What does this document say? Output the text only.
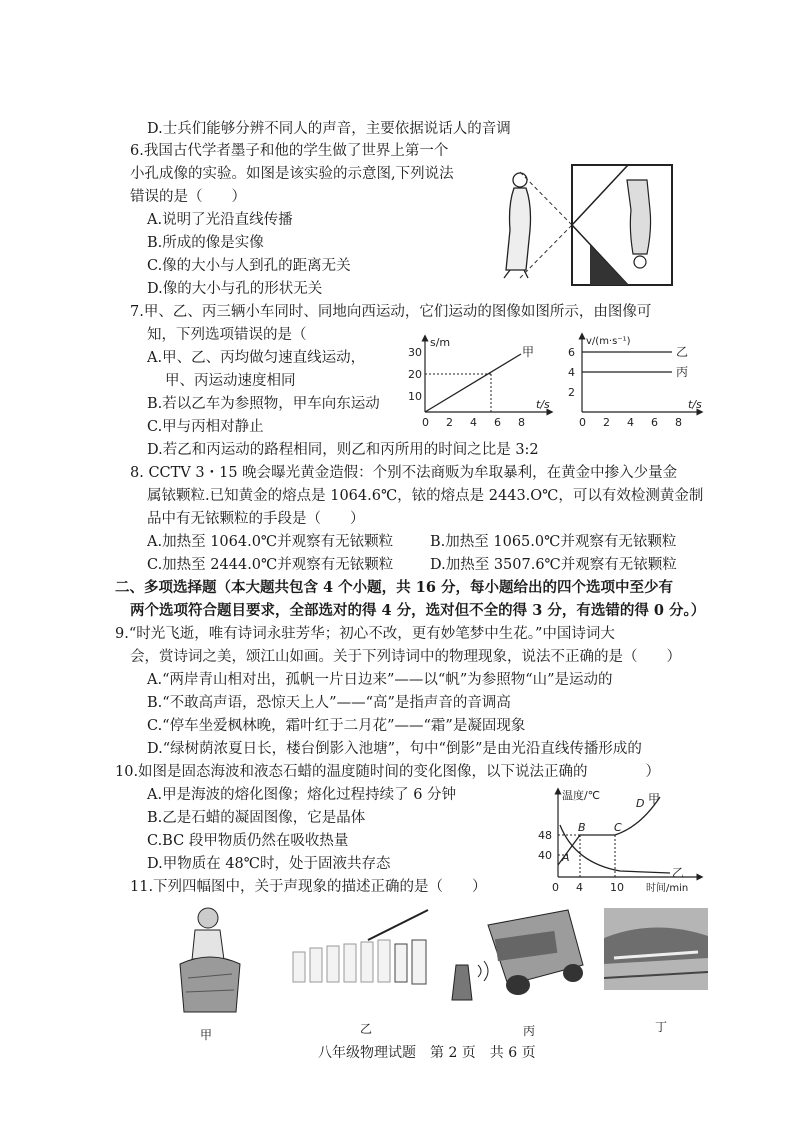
D.士兵们能够分辨不同人的声音，主要依据说话人的音调
6.我国古代学者墨子和他的学生做了世界上第一个
小孔成像的实验。如图是该实验的示意图,下列说法
错误的是（　　）
A.说明了光沿直线传播
B.所成的像是实像
C.像的大小与人到孔的距离无关
D.像的大小与孔的形状无关
7.甲、乙、丙三辆小车同时、同地向西运动，它们运动的图像如图所示，由图像可
知，下列选项错误的是（
A.甲、乙、丙均做匀速直线运动，
甲、丙运动速度相同
B.若以乙车为参照物，甲车向东运动
C.甲与丙相对静止
D.若乙和丙运动的路程相同，则乙和丙所用的时间之比是 3:2
s/m
t/s
10
20
30
0 2 4 6 8
甲
v/(m·s⁻¹)
t/s
2
4
6
0 2 4 6 8
乙
丙
8. CCTV 3・15 晚会曝光黄金造假：个别不法商贩为牟取暴利，在黄金中掺入少量金
属铱颗粒.已知黄金的熔点是 1064.6℃，铱的熔点是 2443.O℃，可以有效检测黄金制
品中有无铱颗粒的手段是（　　）
A.加热至 1064.0℃并观察有无铱颗粒	B.加热至 1065.0℃并观察有无铱颗粒
C.加热至 2444.0℃并观察有无铱颗粒	D.加热至 3507.6℃并观察有无铱颗粒
二、多项选择题（本大题共包含 4 个小题，共 16 分，每小题给出的四个选项中至少有
两个选项符合题目要求，全部选对的得 4 分，选对但不全的得 3 分，有选错的得 0 分。）
9.“时光飞逝，唯有诗词永驻芳华；初心不改，更有妙笔梦中生花。”中国诗词大
会，赏诗词之美，颂江山如画。关于下列诗词中的物理现象，说法不正确的是（　　）
A.“两岸青山相对出，孤帆一片日边来”——以“帆”为参照物“山”是运动的
B.“不敢高声语，恐惊天上人”——“高”是指声音的音调高
C.“停车坐爱枫林晚，霜叶红于二月花”——“霜”是凝固现象
D.“绿树荫浓夏日长，楼台倒影入池塘”，句中“倒影”是由光沿直线传播形成的
10.如图是固态海波和液态石蜡的温度随时间的变化图像，以下说法正确的　　　　）
A.甲是海波的熔化图像；熔化过程持续了 6 分钟
B.乙是石蜡的凝固图像，它是晶体
C.BC 段甲物质仍然在吸收热量
D.甲物质在 48℃时，处于固液共存态
温度/℃
时间/min
48
40
0 4 10
A
B	C
D 甲
乙
11.下列四幅图中，关于声现象的描述正确的是（　　）
甲	乙	丙	丁
八年级物理试题　第 2 页　共 6 页
